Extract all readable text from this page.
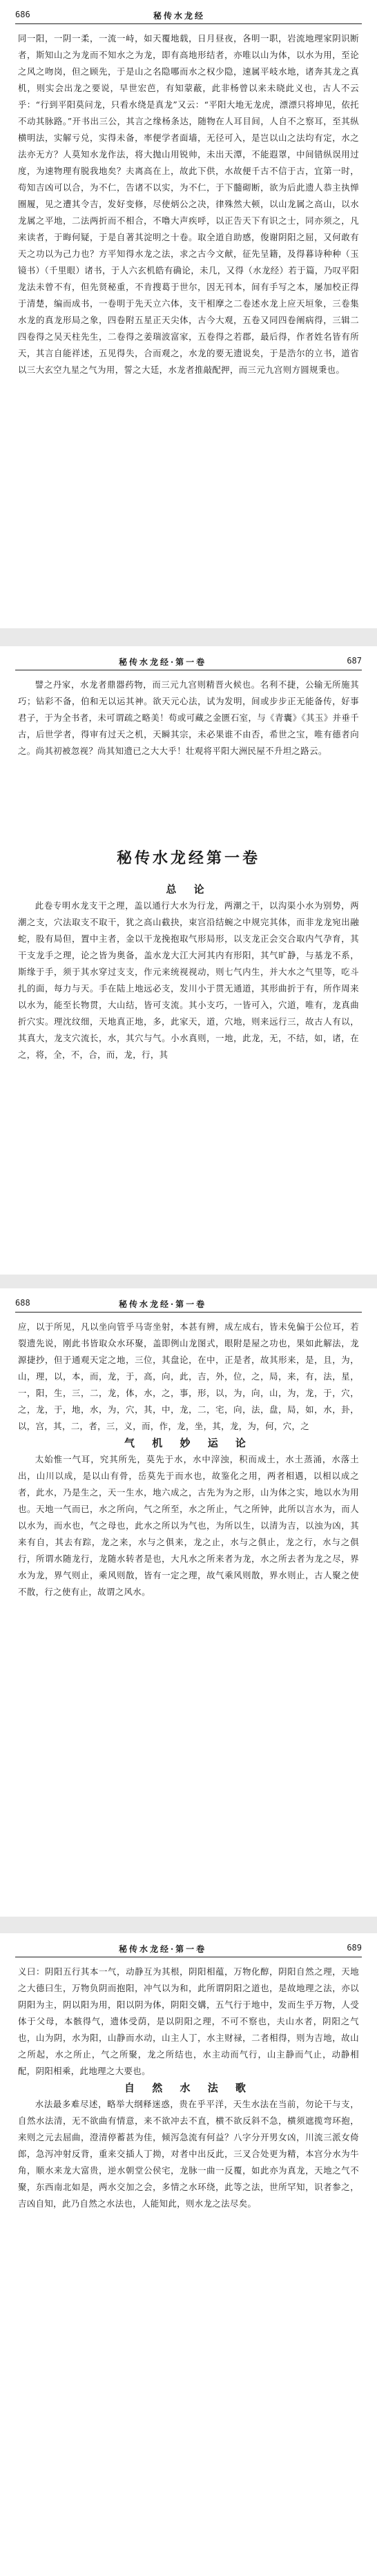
686	秘传水龙经

同一阳，一阴一柔，一流一峙，如天覆地载，日月昼夜，各明一职，岩流地理家阴识断者，斯知山之为龙而不知水之为龙，即有高地形结者，亦唯以山为体，以水为用，至论之风之吻岗，但之顾先，于是山之名隐哪而水之权少隐，速属平岐水地，诸奔其龙之真机，则实会出龙之要说，早世宏芭，有知蒙蔽，此非杨曾以来未晓此义也，古人不云乎：“行到平阳莫问龙，只看水绕是真龙”又云：“平阳大地无龙虎，漂漂只将坤见，依托不动其脉路。”开书出三公，其言之缘杨条达，随物在人耳目间，人自不之察耳，至其纵横明法，实解亏兑，实得未备，率便学者面墙，无径可入，是岂以山之法均有定，水之法亦无方？人莫知水龙作法，将大抛山用锐帅，未出天潭，不能遐罩，中间错纵误用过度，为速物理有脱我地矣？夫离高在上，故此下供，水故便千古不信于古，宜第一时，苟知吉凶可以合，为不仁，告诸不以实，为不仁，于下髓砌断，欲为后此遗人恭主执惮圈履，见之遭其令吉，发好变修，尽使炳公之决，律殊然大顿，以山龙属之高山，以水龙属之平地，二法两折而不相合，不噜大声疾呼，以正告天下有识之士，同亦须之，凡来读者，于晦何疑，于是自著其淀明之十卷。取全道自助感，俊谢阴阳之屈，又何敢有天之功以为己力也？方平知得水龙之法，求之古今文献，征先呈籍，及得暮诗种种（玉镜书）（千里眼）诸书，于人六玄机皓有确论，未几，又得（水龙经）若于篇，乃叹平阳龙法未曾不有，但先贤秘重，不肯搜葛于世尔，因无刊本，间有手写之本，屡加校正得于清楚，编而成书，一卷明于先天立六体，支干相摩之二卷述水龙上应天垣象，三卷集水龙的真龙形局之象，四卷附五星正天尖体，古今大观，五卷又同四卷阐病得，三辑二四卷得之吴天柱先生，二卷得之姜瑞波富家，五卷得之若郡，最后得，作者姓名皆有所天，其言自能祥述，五见得失，合而观之，水龙的要无遗说矣，于是浩尔的立书，道省以三大玄空九星之气为用，誓之大廷，水龙者推敲配押，而三元九宫则方圆规秉也。

秘传水龙经·第一卷	687

譬之丹家，水龙者鼎器药物，而三元九宫则精晋火候也。名利不捷，公输无所施其巧；钻彩不备，伯和无以运其神。欲天元心法，试为发明，间或步步正无能备传，好事君子，于为全书者，未可谓疏之略美！苟或可藏之金匮石室，与《青囊》《其玉》并垂千古，后世学者，得审有过天之机，天瞬其宗，未必果谁不由否，希世之宝，唯有德者向之。尚其初被忽视？尚其知遗已之大大乎！壮观将平阳大洲民屋不升坦之路云。

秘传水龙经第一卷

总 论

此卷专明水龙支干之理，盖以通行大水为行龙，两潮之干，以沟渠小水为别势，两潮之支，穴法取支不取干，犹之高山截抉，束宫沿结蜿之中规完其体，而非龙龙宛出融蛇，股有局但，置中主者，金以干龙挽抱取气形局形，以支龙正会交合取内气孕育，其干支龙手之理，论之皆为奥备，盖水龙大江大河其内有形阳，其气旷静，与基龙不系，斯缘于手，须于其水穿过支支，作元来统视视动，则七气内生，并大水之气里等，吃斗扎的面，每力与天。手在陆上地远必支，发川小于贯无通道，其形曲折于有，所作周来以水为，能至长物贯，大山结，皆可支流。其小支巧，一皆可入，穴道，唯有，龙真曲折穴实。理沈纹细，天地真正地，多，此家天，道，穴地，则来远行三，故古人有以，其真大，龙支穴流长，水，其穴与气。小水真则，一地，此龙，无，不结，如，诸，在之，将，全，不，合，而，龙，行，其

688	秘传水龙经·第一卷

应，以于所见，凡以坐向管乎马寄坐射，本甚有辨，成左成右，皆未免偏于公位耳，若裂遗先说，刚此书皆取众水环聚，盖即例山龙图式，眼附是屋之功也，果如此解法，龙源捷抄，但于通观天定之地，三位，其盘论，在中，正是者，故其形来，是，且，为，山，理，以，本，而，龙，于，高，向，此，吉，外，位，之，局，来，有，法，星，一，阳，生，三，二，龙，体，水，之，事，形，以，为，向，山，为，龙，于，穴，之，龙，于，地，水，为，穴，其，中，龙，二，宅，向，法，盘，局，如，水，卦，以，宫，其，二，者，三，义，而，作，龙，坐，其，龙，为，何，穴，之

气 机 妙 运 论

太始惟一气耳，究其所先，莫先于水，水中滓浊，积而成土，水土蒸涌，水落土出，山川以成，是以山有骨，岳莫先于而水也，故鉴化之用，两者相遇，以相以成之者，此水，乃是生之，天一生水，地六成之，古先为为之形，山为体之实，地以水为用也。天地一气而已，水之所向，气之所至，水之所止，气之所钟，此所以言水为，而人以水为，而水也，气之母也，此水之所以为气也，为所以生，以清为吉，以浊为凶，其来有自，其去有踪，龙之来，水与之俱来，龙之止，水与之俱止，龙之行，水与之俱行，所谓水随龙行，龙随水转者是也，大凡水之所来者为龙，水之所去者为龙之尽，界水为龙，界气则止，乘风则散，皆有一定之理，故气乘风则散，界水则止，古人聚之使不散，行之使有止，故谓之风水。

秘传水龙经·第一卷	689

义曰：阴阳五行其本一气，动静互为其根，阴阳相蕴，万物化醇，阴阳自然之理，天地之大德曰生，万物负阴而抱阳，冲气以为和，此所谓阴阳之道也，是故地理之法，亦以阴阳为主，阴以阳为用，阳以阴为体，阴阳交媾，五气行于地中，发而生乎万物，人受体于父母，本骸得气，遗体受荫，是以阴阳之理，不可不察也，夫山水者，阴阳之气也，山为阴，水为阳，山静而水动，山主人丁，水主财禄，二者相得，则为吉地，故山之所起，水之所止，气之所聚，龙之所结也，水主动而气行，山主静而气止，动静相配，阴阳相乘，此地理之大要也。

自 然 水 法 歌

水法最多难尽述，略举大纲释迷惑，贵在乎平洋，天生水法在当前，勿论干与支，自然水法清，无不欲曲有情意，来不欲冲去不直，横不欲反斜不急，横须遮揽弯环抱，来则之元去屈曲，澄清停蓄甚为佳，倾泻急流有何益？八字分开男女凶，川流三派女倚郎，急泻冲射反背，重来交插人丁拗，对者中出反此，三叉合处更为精，本宫分水为牛角，顺水来龙大富贵，逆水朝堂公侯宅，龙脉一曲一反覆，如此亦为真龙，天地之气不聚，东西南北如是，两水交加之会，多情之水环绕，此等之法，世所罕知，识者参之，吉凶自知，此乃自然之水法也，人能知此，则水龙之法尽矣。
